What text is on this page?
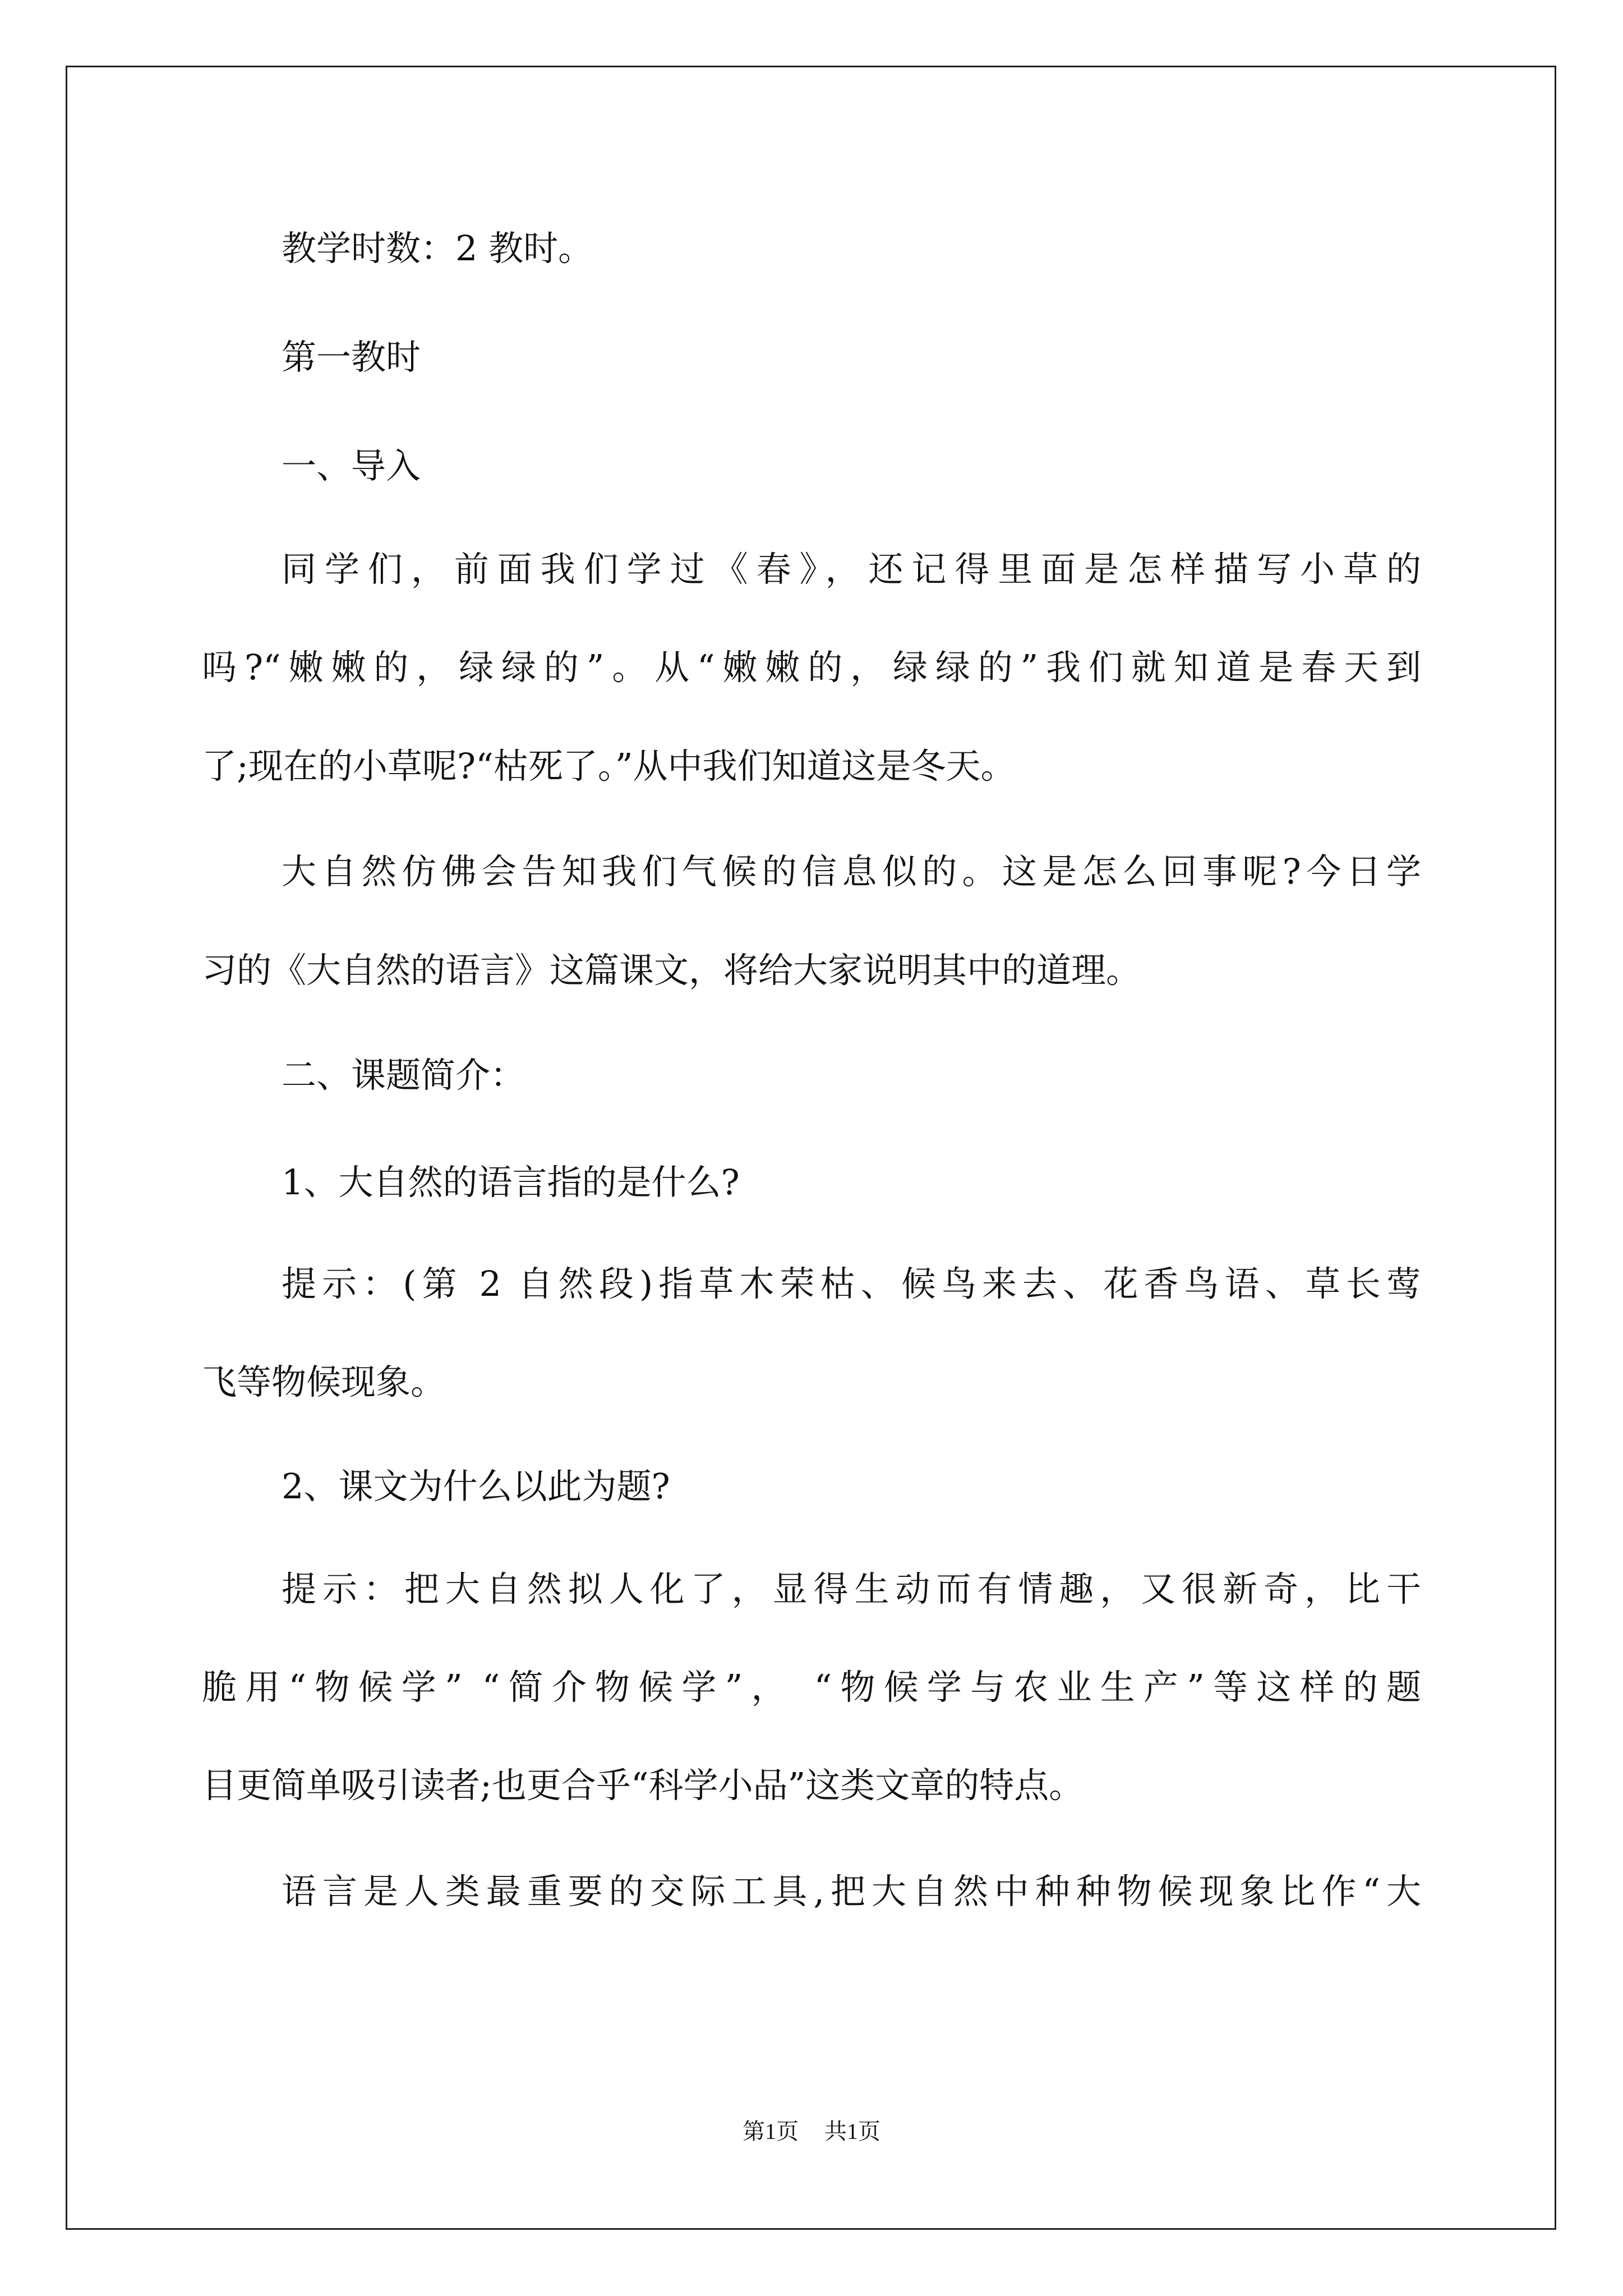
教学时数：2 教时。
第一教时
一、导入
同学们，前面我们学过《春》，还记得里面是怎样描写小草的
吗?“嫩嫩的，绿绿的”。从“嫩嫩的，绿绿的”我们就知道是春天到
了;现在的小草呢?“枯死了。”从中我们知道这是冬天。
大自然仿佛会告知我们气候的信息似的。这是怎么回事呢?今日学
习的《大自然的语言》这篇课文，将给大家说明其中的道理。
二、课题简介：
1、大自然的语言指的是什么?
提示：(第 2 自然段)指草木荣枯、候鸟来去、花香鸟语、草长莺
飞等物候现象。
2、课文为什么以此为题?
提示：把大自然拟人化了，显得生动而有情趣，又很新奇，比干
脆用“物候学” “简介物候学”， “物候学与农业生产”等这样的题
目更简单吸引读者;也更合乎“科学小品”这类文章的特点。
语言是人类最重要的交际工具,把大自然中种种物候现象比作“大
第1页 共1页
